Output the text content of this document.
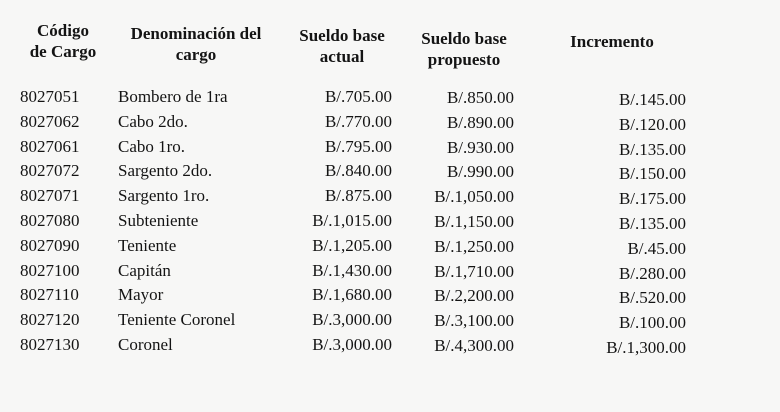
Código
de Cargo
Denominación del
cargo
Sueldo base
actual
Sueldo base
propuesto
Incremento
8027051 Bombero de 1ra	B/.705.00	B/.850.00	B/.145.00
8027062 Cabo 2do.	B/.770.00	B/.890.00	B/.120.00
8027061 Cabo 1ro.	B/.795.00	B/.930.00	B/.135.00
8027072 Sargento 2do.	B/.840.00	B/.990.00	B/.150.00
8027071 Sargento 1ro.	B/.875.00 B/.1,050.00	B/.175.00
8027080 Subteniente	B/.1,015.00 B/.1,150.00	B/.135.00
8027090 Teniente	B/.1,205.00 B/.1,250.00	B/.45.00
8027100 Capitán	B/.1,430.00 B/.1,710.00	B/.280.00
8027110 Mayor	B/.1,680.00 B/.2,200.00	B/.520.00
8027120 Teniente Coronel	B/.3,000.00 B/.3,100.00	B/.100.00
8027130 Coronel	B/.3,000.00 B/.4,300.00	B/.1,300.00
